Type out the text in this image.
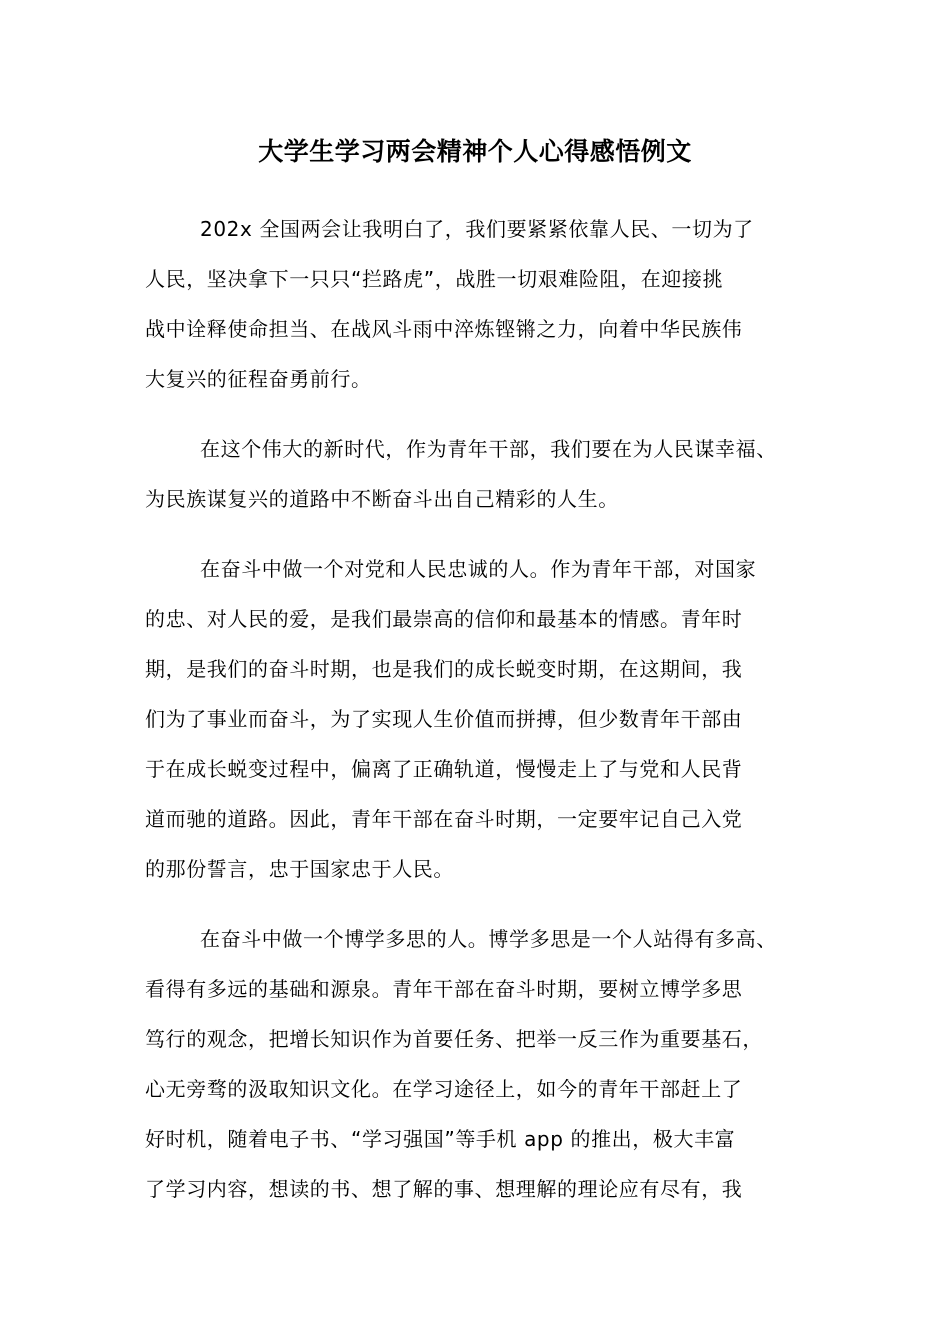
大学生学习两会精神个人心得感悟例文
202x 全国两会让我明白了，我们要紧紧依靠人民、一切为了
人民，坚决拿下一只只“拦路虎”，战胜一切艰难险阻，在迎接挑
战中诠释使命担当、在战风斗雨中淬炼铿锵之力，向着中华民族伟
大复兴的征程奋勇前行。
在这个伟大的新时代，作为青年干部，我们要在为人民谋幸福、
为民族谋复兴的道路中不断奋斗出自己精彩的人生。
在奋斗中做一个对党和人民忠诚的人。作为青年干部，对国家
的忠、对人民的爱，是我们最崇高的信仰和最基本的情感。青年时
期，是我们的奋斗时期，也是我们的成长蜕变时期，在这期间，我
们为了事业而奋斗，为了实现人生价值而拼搏，但少数青年干部由
于在成长蜕变过程中，偏离了正确轨道，慢慢走上了与党和人民背
道而驰的道路。因此，青年干部在奋斗时期，一定要牢记自己入党
的那份誓言，忠于国家忠于人民。
在奋斗中做一个博学多思的人。博学多思是一个人站得有多高、
看得有多远的基础和源泉。青年干部在奋斗时期，要树立博学多思
笃行的观念，把增长知识作为首要任务、把举一反三作为重要基石，
心无旁骛的汲取知识文化。在学习途径上，如今的青年干部赶上了
好时机，随着电子书、“学习强国”等手机 app 的推出，极大丰富
了学习内容，想读的书、想了解的事、想理解的理论应有尽有，我
